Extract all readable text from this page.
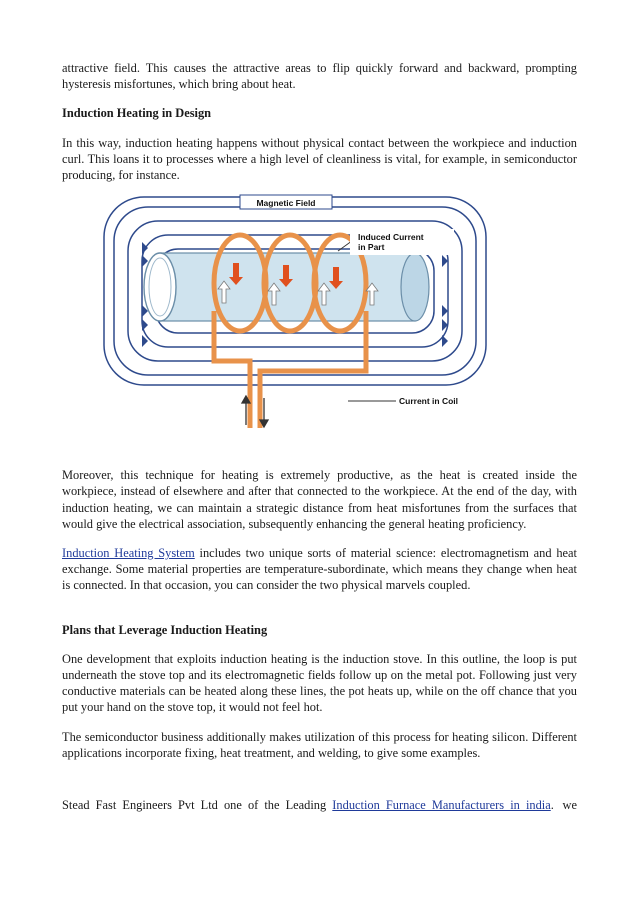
attractive field. This causes the attractive areas to flip quickly forward and backward, prompting hysteresis misfortunes, which bring about heat.

Induction Heating in Design

In this way, induction heating happens without physical contact between the workpiece and induction curl. This loans it to processes where a high level of cleanliness is vital, for example, in semiconductor producing, for instance.

Magnetic Field
Induced Current
in Part
Current in Coil

Moreover, this technique for heating is extremely productive, as the heat is created inside the workpiece, instead of elsewhere and after that connected to the workpiece. At the end of the day, with induction heating, we can maintain a strategic distance from heat misfortunes from the surfaces that would give the electrical association, subsequently enhancing the general heating proficiency.

Induction Heating System includes two unique sorts of material science: electromagnetism and heat exchange. Some material properties are temperature-subordinate, which means they change when heat is connected. In that occasion, you can consider the two physical marvels coupled.

Plans that Leverage Induction Heating

One development that exploits induction heating is the induction stove. In this outline, the loop is put underneath the stove top and its electromagnetic fields follow up on the metal pot. Following just very conductive materials can be heated along these lines, the pot heats up, while on the off chance that you put your hand on the stove top, it would not feel hot.

The semiconductor business additionally makes utilization of this process for heating silicon. Different applications incorporate fixing, heat treatment, and welding, to give some examples.

Stead Fast Engineers Pvt Ltd one of the Leading Induction Furnace Manufacturers in india. we
